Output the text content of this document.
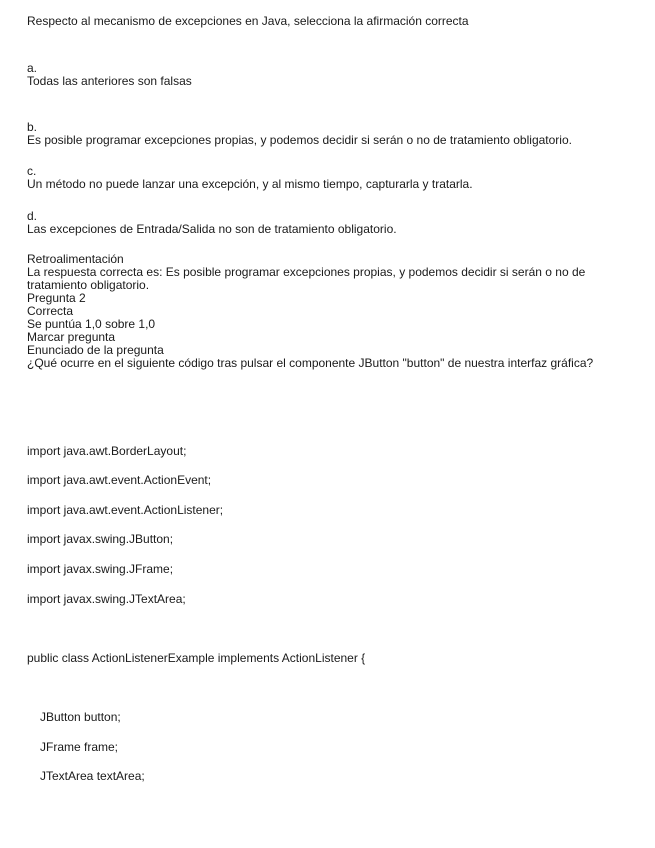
Respecto al mecanismo de excepciones en Java, selecciona la afirmación correcta
a.
Todas las anteriores son falsas
b.
Es posible programar excepciones propias, y podemos decidir si serán o no de tratamiento obligatorio.
c.
Un método no puede lanzar una excepción, y al mismo tiempo, capturarla y tratarla.
d.
Las excepciones de Entrada/Salida no son de tratamiento obligatorio.
Retroalimentación
La respuesta correcta es: Es posible programar excepciones propias, y podemos decidir si serán o no de tratamiento obligatorio.
Pregunta 2
Correcta
Se puntúa 1,0 sobre 1,0
Marcar pregunta
Enunciado de la pregunta
¿Qué ocurre en el siguiente código tras pulsar el componente JButton "button" de nuestra interfaz gráfica?
import java.awt.BorderLayout;
import java.awt.event.ActionEvent;
import java.awt.event.ActionListener;
import javax.swing.JButton;
import javax.swing.JFrame;
import javax.swing.JTextArea;
public class ActionListenerExample implements ActionListener {
JButton button;
JFrame frame;
JTextArea textArea;
